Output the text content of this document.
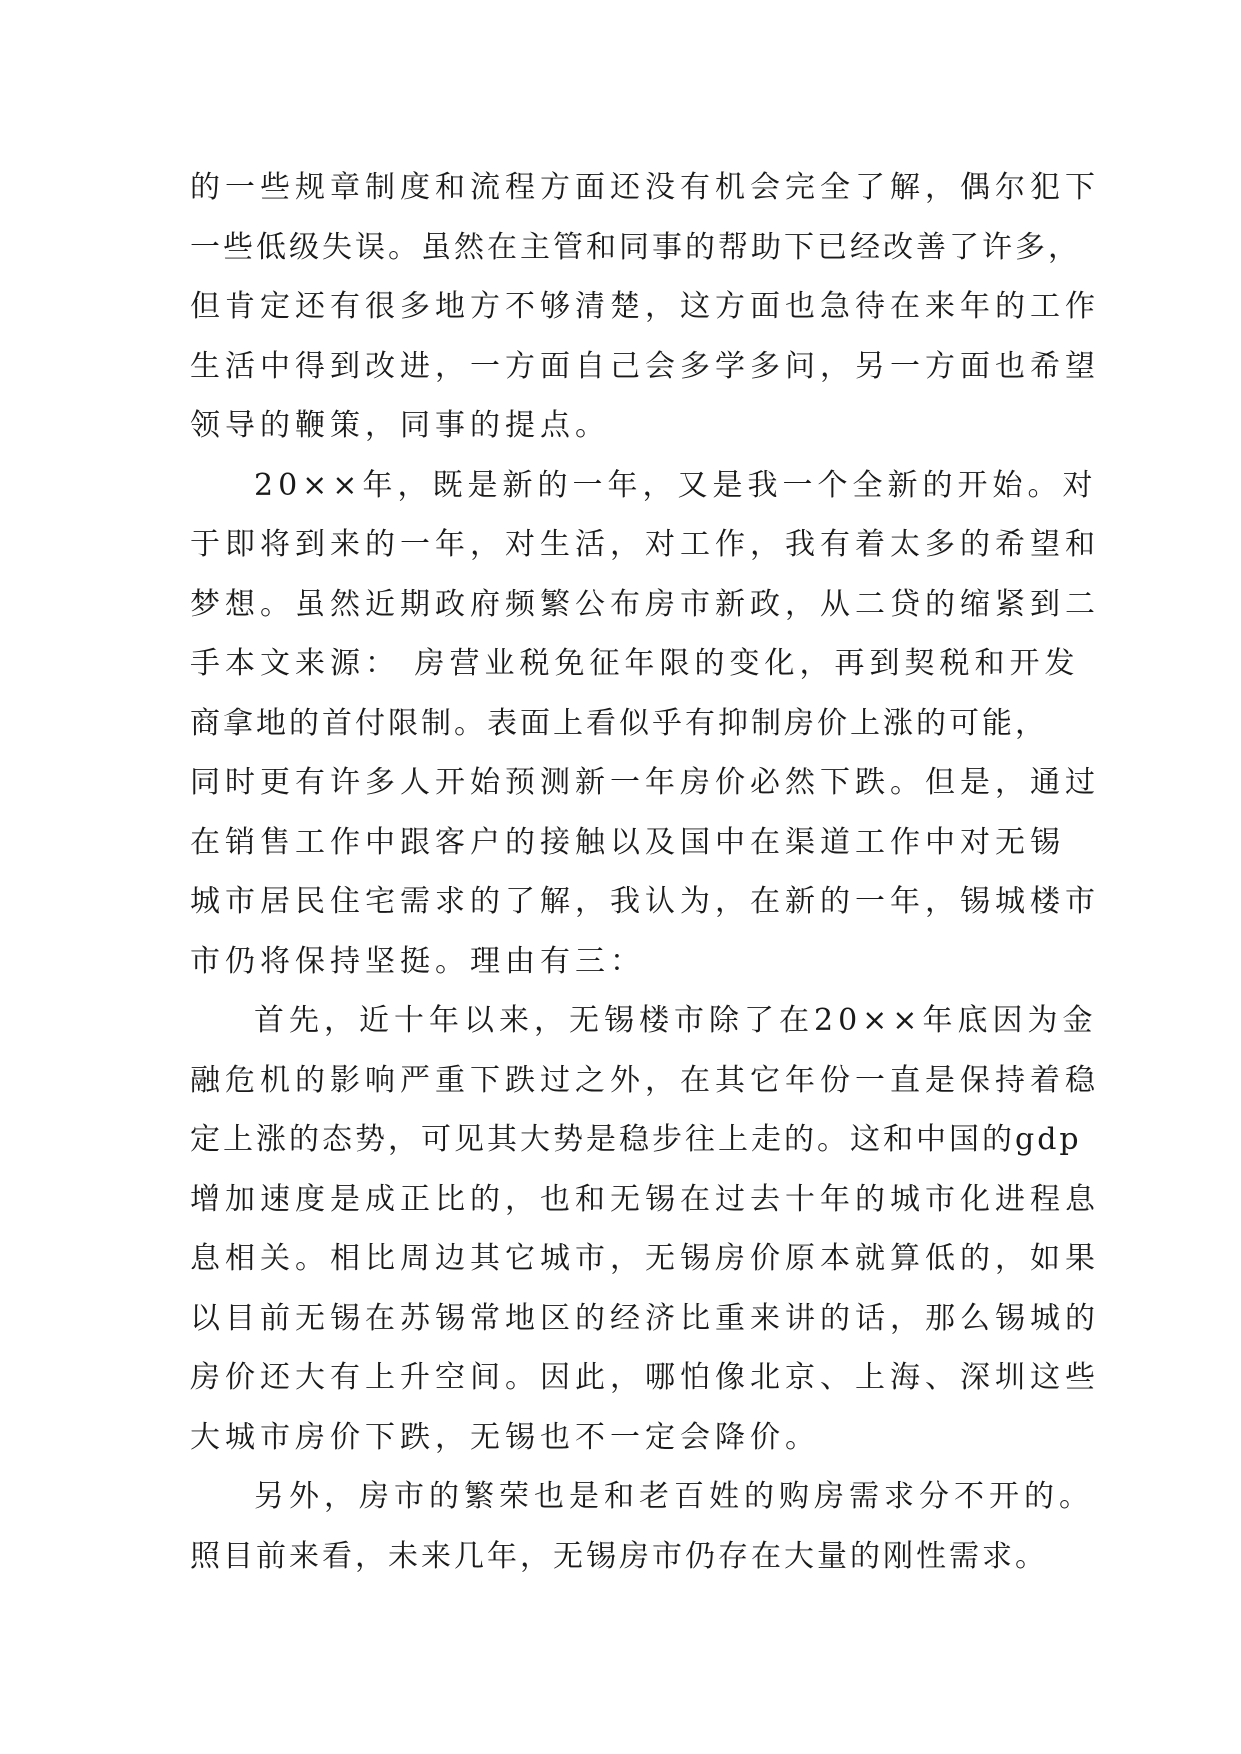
的一些规章制度和流程方面还没有机会完全了解，偶尔犯下
一些低级失误。虽然在主管和同事的帮助下已经改善了许多，
但肯定还有很多地方不够清楚，这方面也急待在来年的工作
生活中得到改进，一方面自己会多学多问，另一方面也希望
领导的鞭策，同事的提点。
20××年，既是新的一年，又是我一个全新的开始。对
于即将到来的一年，对生活，对工作，我有着太多的希望和
梦想。虽然近期政府频繁公布房市新政，从二贷的缩紧到二
手本文来源： 房营业税免征年限的变化，再到契税和开发
商拿地的首付限制。表面上看似乎有抑制房价上涨的可能，
同时更有许多人开始预测新一年房价必然下跌。但是，通过
在销售工作中跟客户的接触以及国中在渠道工作中对无锡
城市居民住宅需求的了解，我认为，在新的一年，锡城楼市
市仍将保持坚挺。理由有三：
首先，近十年以来，无锡楼市除了在20××年底因为金
融危机的影响严重下跌过之外，在其它年份一直是保持着稳
定上涨的态势，可见其大势是稳步往上走的。这和中国的gdp
增加速度是成正比的，也和无锡在过去十年的城市化进程息
息相关。相比周边其它城市，无锡房价原本就算低的，如果
以目前无锡在苏锡常地区的经济比重来讲的话，那么锡城的
房价还大有上升空间。因此，哪怕像北京、上海、深圳这些
大城市房价下跌，无锡也不一定会降价。
另外，房市的繁荣也是和老百姓的购房需求分不开的。
照目前来看，未来几年，无锡房市仍存在大量的刚性需求。
